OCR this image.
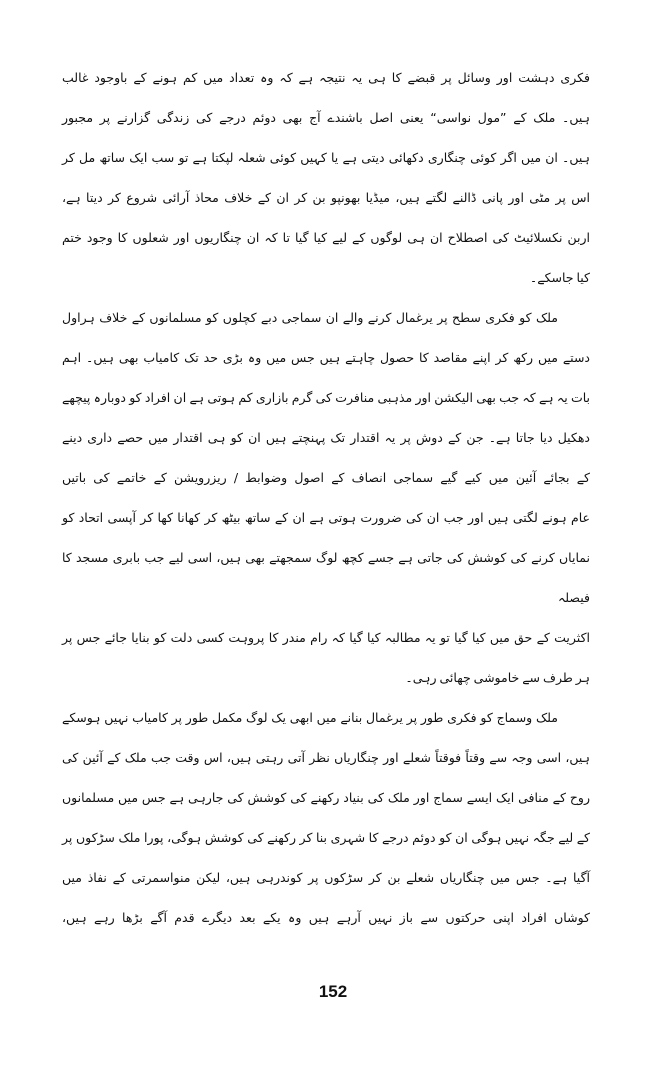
فکری دہشت اور وسائل پر قبضے کا ہی یہ نتیجہ ہے کہ وہ تعداد میں کم ہونے کے باوجود غالب
ہیں۔ ملک کے ”مول نواسی“ یعنی اصل باشندے آج بھی دوئم درجے کی زندگی گزارنے پر مجبور
ہیں۔ ان میں اگر کوئی چنگاری دکھائی دیتی ہے یا کہیں کوئی شعلہ لپکتا ہے تو سب ایک ساتھ مل کر
اس پر مٹی اور پانی ڈالنے لگتے ہیں، میڈیا بھونپو بن کر ان کے خلاف محاذ آرائی شروع کر دیتا ہے،
اربن نکسلائیٹ کی اصطلاح ان ہی لوگوں کے لیے کیا گیا تا کہ ان چنگاریوں اور شعلوں کا وجود ختم
کیا جاسکے۔
ملک کو فکری سطح پر یرغمال کرنے والے ان سماجی دبے کچلوں کو مسلمانوں کے خلاف ہراول
دستے میں رکھ کر اپنے مقاصد کا حصول چاہتے ہیں جس میں وہ بڑی حد تک کامیاب بھی ہیں۔ اہم
بات یہ ہے کہ جب بھی الیکشن اور مذہبی منافرت کی گرم بازاری کم ہوتی ہے ان افراد کو دوبارہ پیچھے
دھکیل دیا جاتا ہے۔ جن کے دوش پر یہ اقتدار تک پہنچتے ہیں ان کو ہی اقتدار میں حصے داری دینے
کے بجائے آئین میں کیے گیے سماجی انصاف کے اصول وضوابط / ریزرویشن کے خاتمے کی باتیں
عام ہونے لگتی ہیں اور جب ان کی ضرورت ہوتی ہے ان کے ساتھ بیٹھ کر کھانا کھا کر آپسی اتحاد کو
نمایاں کرنے کی کوشش کی جاتی ہے جسے کچھ لوگ سمجھتے بھی ہیں، اسی لیے جب بابری مسجد کا فیصلہ
اکثریت کے حق میں کیا گیا تو یہ مطالبہ کیا گیا کہ رام مندر کا پروہت کسی دلت کو بنایا جائے جس پر
ہر طرف سے خاموشی چھائی رہی۔
ملک وسماج کو فکری طور پر یرغمال بنانے میں ابھی یک لوگ مکمل طور پر کامیاب نہیں ہوسکے
ہیں، اسی وجہ سے وقتاً فوقتاً شعلے اور چنگاریاں نظر آتی رہتی ہیں، اس وقت جب ملک کے آئین کی
روح کے منافی ایک ایسے سماج اور ملک کی بنیاد رکھنے کی کوشش کی جارہی ہے جس میں مسلمانوں
کے لیے جگہ نہیں ہوگی ان کو دوئم درجے کا شہری بنا کر رکھنے کی کوشش ہوگی، پورا ملک سڑکوں پر
آگیا ہے۔ جس میں چنگاریاں شعلے بن کر سڑکوں پر کوندرہی ہیں، لیکن منواسمرتی کے نفاذ میں
کوشاں افراد اپنی حرکتوں سے باز نہیں آرہے ہیں وہ یکے بعد دیگرے قدم آگے بڑھا رہے ہیں،
152
